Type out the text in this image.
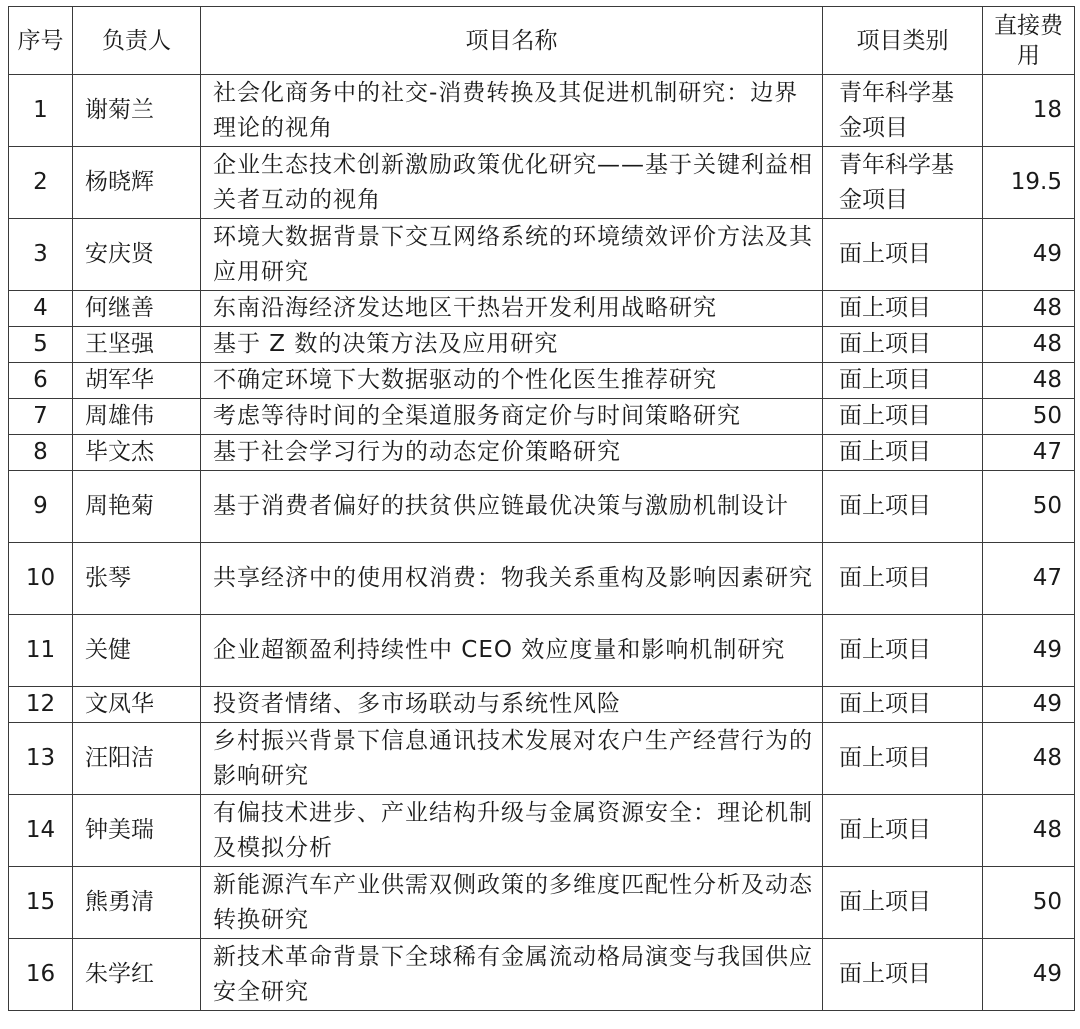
序号	负责人	项目名称	项目类别	直接费用
1	谢菊兰	社会化商务中的社交-消费转换及其促进机制研究：边界理论的视角	青年科学基金项目	18
2	杨晓辉	企业生态技术创新激励政策优化研究——基于关键利益相关者互动的视角	青年科学基金项目	19.5
3	安庆贤	环境大数据背景下交互网络系统的环境绩效评价方法及其应用研究	面上项目	49
4	何继善	东南沿海经济发达地区干热岩开发利用战略研究	面上项目	48
5	王坚强	基于 Z 数的决策方法及应用研究	面上项目	48
6	胡军华	不确定环境下大数据驱动的个性化医生推荐研究	面上项目	48
7	周雄伟	考虑等待时间的全渠道服务商定价与时间策略研究	面上项目	50
8	毕文杰	基于社会学习行为的动态定价策略研究	面上项目	47
9	周艳菊	基于消费者偏好的扶贫供应链最优决策与激励机制设计	面上项目	50
10	张琴	共享经济中的使用权消费：物我关系重构及影响因素研究	面上项目	47
11	关健	企业超额盈利持续性中 CEO 效应度量和影响机制研究	面上项目	49
12	文凤华	投资者情绪、多市场联动与系统性风险	面上项目	49
13	汪阳洁	乡村振兴背景下信息通讯技术发展对农户生产经营行为的影响研究	面上项目	48
14	钟美瑞	有偏技术进步、产业结构升级与金属资源安全：理论机制及模拟分析	面上项目	48
15	熊勇清	新能源汽车产业供需双侧政策的多维度匹配性分析及动态转换研究	面上项目	50
16	朱学红	新技术革命背景下全球稀有金属流动格局演变与我国供应安全研究	面上项目	49
